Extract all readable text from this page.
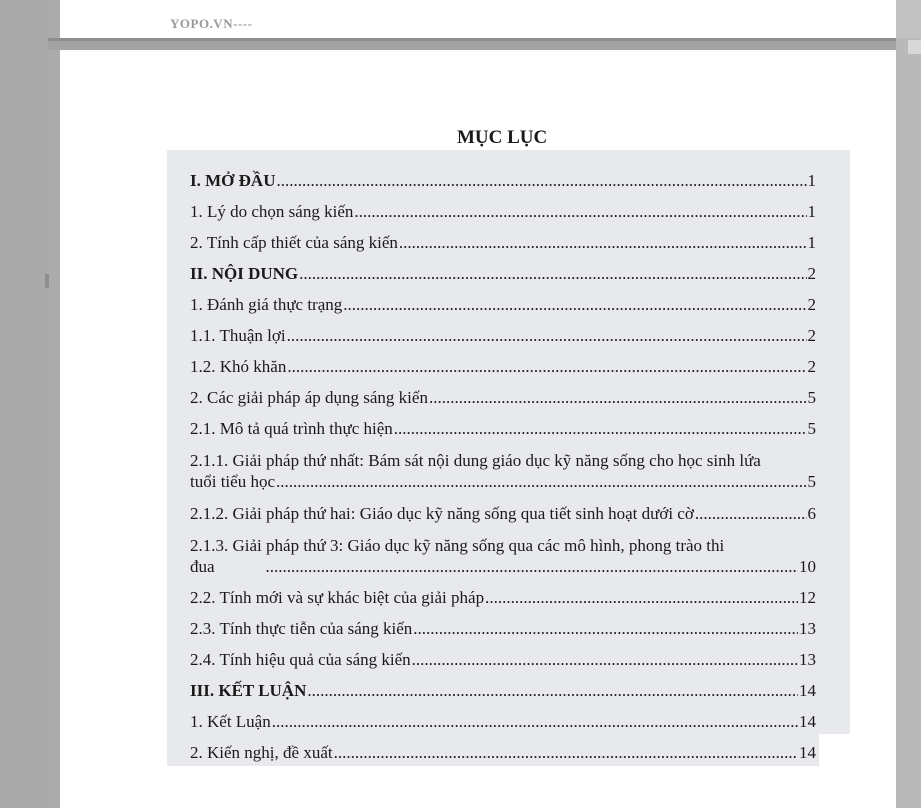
YOPO.VN----
MỤC LỤC
I. MỞ ĐẦU .....	1
1. Lý do chọn sáng kiến .....	1
2. Tính cấp thiết của sáng kiến .....	1
II. NỘI DUNG .....	2
1. Đánh giá thực trạng .....	2
1.1. Thuận lợi .....	2
1.2. Khó khăn .....	2
2. Các giải pháp áp dụng sáng kiến .....	5
2.1. Mô tả quá trình thực hiện .....	5
2.1.1. Giải pháp thứ nhất: Bám sát nội dung giáo dục kỹ năng sống cho học sinh lứa
tuổi tiểu học .....	5
2.1.2. Giải pháp thứ hai: Giáo dục kỹ năng sống qua tiết sinh hoạt dưới cờ .....	6
2.1.3. Giải pháp thứ 3: Giáo dục kỹ năng sống qua các mô hình, phong trào thi
đua .....	10
2.2. Tính mới và sự khác biệt của giải pháp .....	12
2.3. Tính thực tiễn của sáng kiến .....	13
2.4. Tính hiệu quả của sáng kiến .....	13
III. KẾT LUẬN .....	14
1. Kết Luận .....	14
2. Kiến nghị, đề xuất .....	14
